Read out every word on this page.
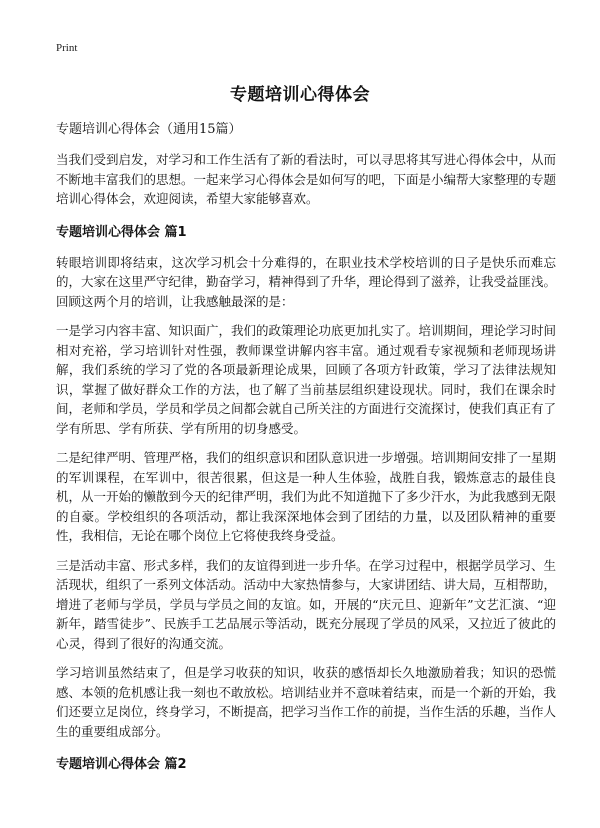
Print
专题培训心得体会
专题培训心得体会（通用15篇）

当我们受到启发，对学习和工作生活有了新的看法时，可以寻思将其写进心得体会中，从而不断地丰富我们的思想。一起来学习心得体会是如何写的吧，下面是小编帮大家整理的专题培训心得体会，欢迎阅读，希望大家能够喜欢。

专题培训心得体会 篇1

转眼培训即将结束，这次学习机会十分难得的，在职业技术学校培训的日子是快乐而难忘的，大家在这里严守纪律，勤奋学习，精神得到了升华，理论得到了滋养，让我受益匪浅。回顾这两个月的培训，让我感触最深的是：

一是学习内容丰富、知识面广，我们的政策理论功底更加扎实了。培训期间，理论学习时间相对充裕，学习培训针对性强，教师课堂讲解内容丰富。通过观看专家视频和老师现场讲解，我们系统的学习了党的各项最新理论成果，回顾了各项方针政策，学习了法律法规知识，掌握了做好群众工作的方法，也了解了当前基层组织建设现状。同时，我们在课余时间，老师和学员，学员和学员之间都会就自己所关注的方面进行交流探讨，使我们真正有了学有所思、学有所获、学有所用的切身感受。

二是纪律严明、管理严格，我们的组织意识和团队意识进一步增强。培训期间安排了一星期的军训课程，在军训中，很苦很累，但这是一种人生体验，战胜自我，锻炼意志的最佳良机，从一开始的懒散到今天的纪律严明，我们为此不知道抛下了多少汗水，为此我感到无限的自豪。学校组织的各项活动，都让我深深地体会到了团结的力量，以及团队精神的重要性，我相信，无论在哪个岗位上它将使我终身受益。

三是活动丰富、形式多样，我们的友谊得到进一步升华。在学习过程中，根据学员学习、生活现状，组织了一系列文体活动。活动中大家热情参与，大家讲团结、讲大局，互相帮助，增进了老师与学员，学员与学员之间的友谊。如，开展的“庆元旦、迎新年”文艺汇演、“迎新年，踏雪徒步”、民族手工艺品展示等活动，既充分展现了学员的风采，又拉近了彼此的心灵，得到了很好的沟通交流。

学习培训虽然结束了，但是学习收获的知识，收获的感悟却长久地激励着我；知识的恐慌感、本领的危机感让我一刻也不敢放松。培训结业并不意味着结束，而是一个新的开始，我们还要立足岗位，终身学习，不断提高，把学习当作工作的前提，当作生活的乐趣，当作人生的重要组成部分。

专题培训心得体会 篇2
